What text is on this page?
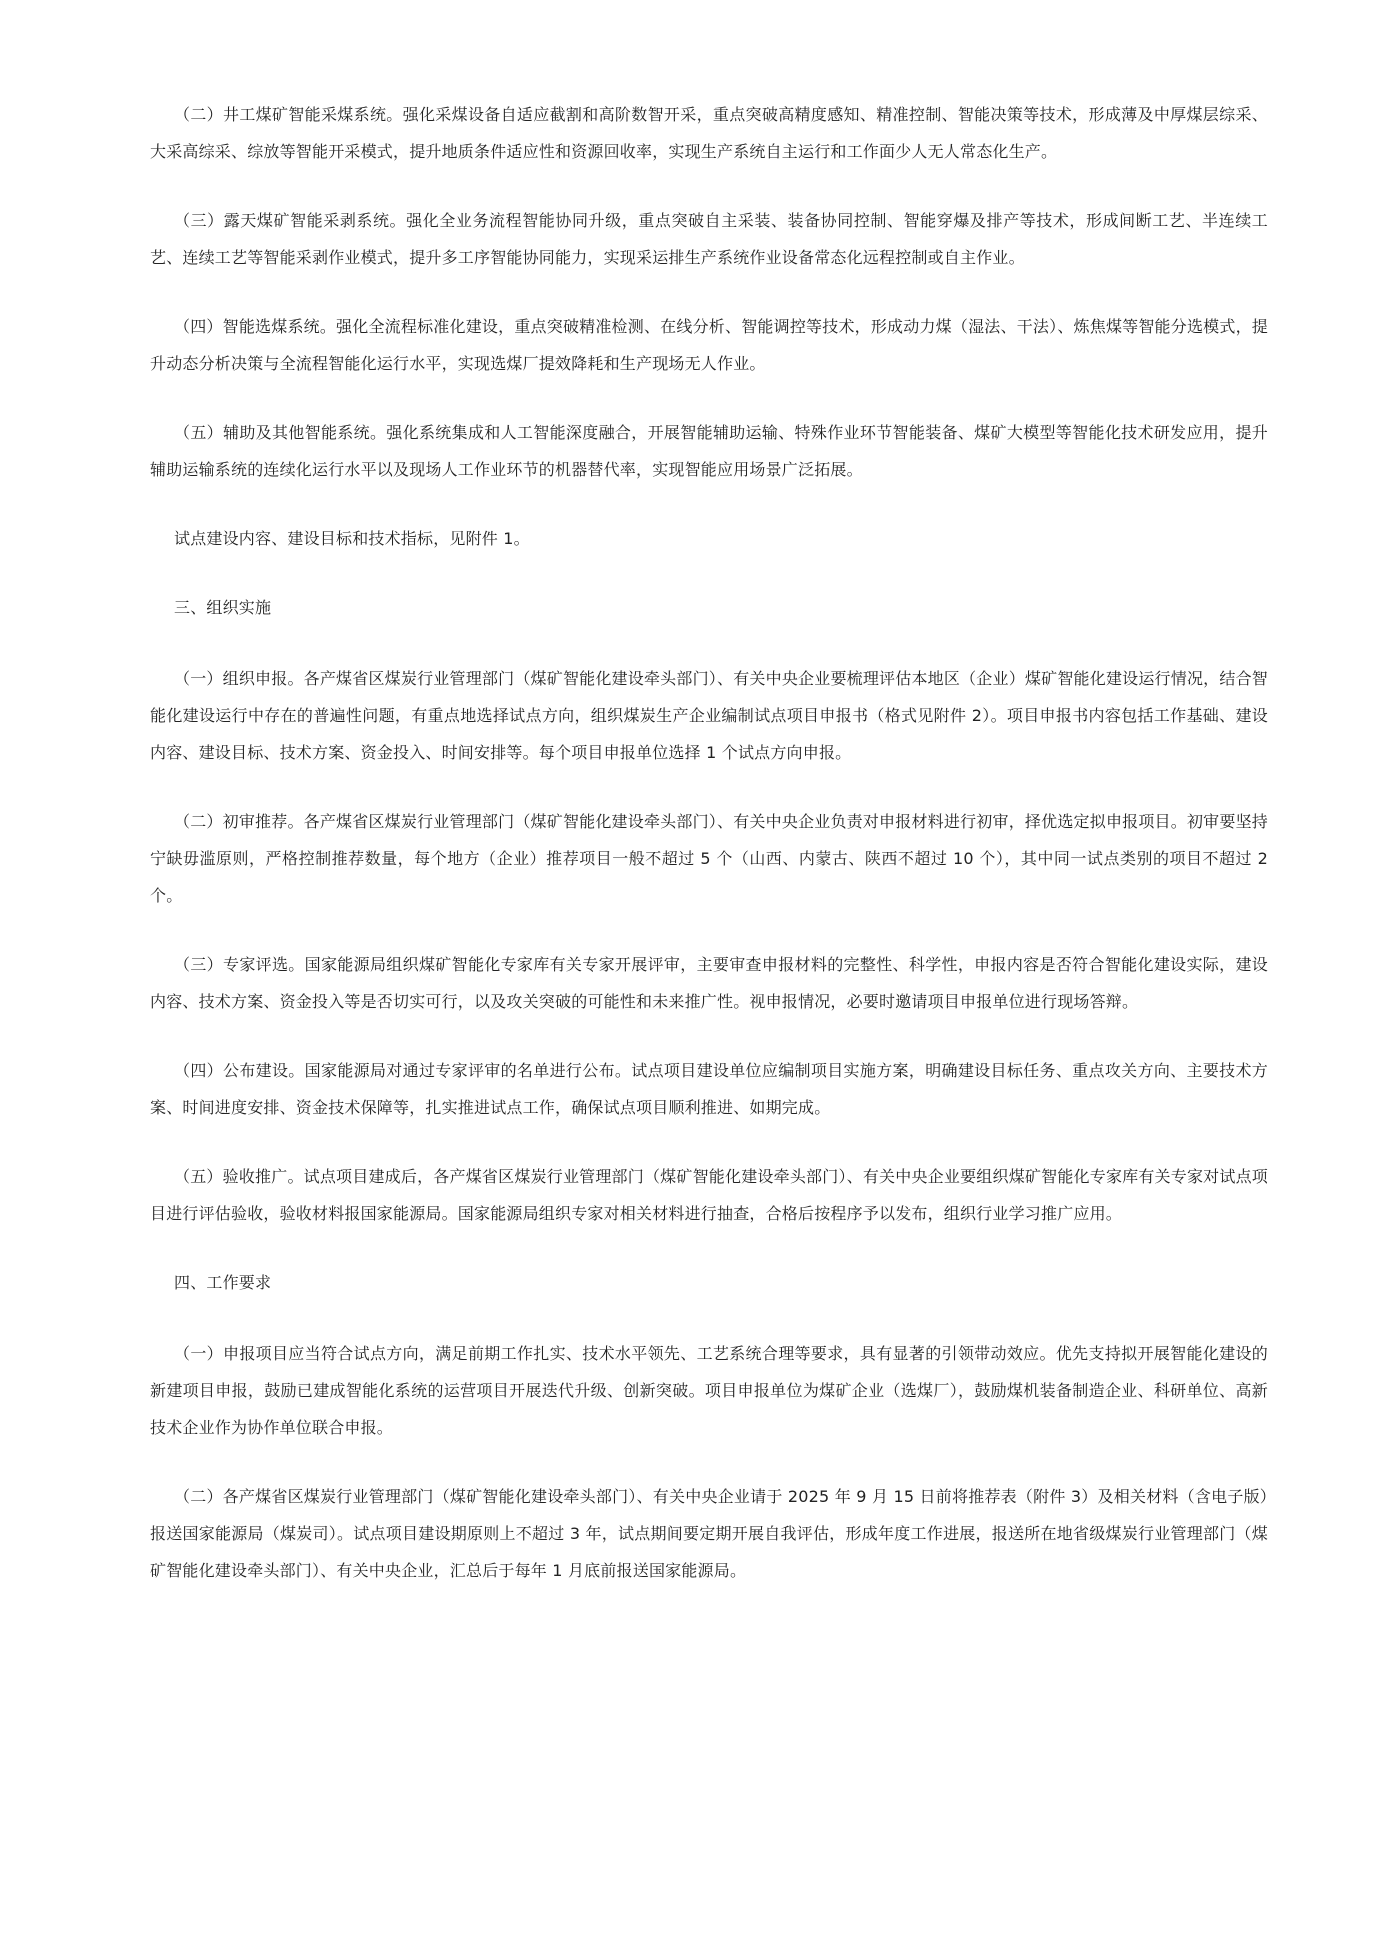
（二）井工煤矿智能采煤系统。强化采煤设备自适应截割和高阶数智开采，重点突破高精度感知、精准控制、智能决策等技术，形成薄及中厚煤层综采、大采高综采、综放等智能开采模式，提升地质条件适应性和资源回收率，实现生产系统自主运行和工作面少人无人常态化生产。

（三）露天煤矿智能采剥系统。强化全业务流程智能协同升级，重点突破自主采装、装备协同控制、智能穿爆及排产等技术，形成间断工艺、半连续工艺、连续工艺等智能采剥作业模式，提升多工序智能协同能力，实现采运排生产系统作业设备常态化远程控制或自主作业。

（四）智能选煤系统。强化全流程标准化建设，重点突破精准检测、在线分析、智能调控等技术，形成动力煤（湿法、干法）、炼焦煤等智能分选模式，提升动态分析决策与全流程智能化运行水平，实现选煤厂提效降耗和生产现场无人作业。

（五）辅助及其他智能系统。强化系统集成和人工智能深度融合，开展智能辅助运输、特殊作业环节智能装备、煤矿大模型等智能化技术研发应用，提升辅助运输系统的连续化运行水平以及现场人工作业环节的机器替代率，实现智能应用场景广泛拓展。

试点建设内容、建设目标和技术指标，见附件 1。

三、组织实施

（一）组织申报。各产煤省区煤炭行业管理部门（煤矿智能化建设牵头部门）、有关中央企业要梳理评估本地区（企业）煤矿智能化建设运行情况，结合智能化建设运行中存在的普遍性问题，有重点地选择试点方向，组织煤炭生产企业编制试点项目申报书（格式见附件 2）。项目申报书内容包括工作基础、建设内容、建设目标、技术方案、资金投入、时间安排等。每个项目申报单位选择 1 个试点方向申报。

（二）初审推荐。各产煤省区煤炭行业管理部门（煤矿智能化建设牵头部门）、有关中央企业负责对申报材料进行初审，择优选定拟申报项目。初审要坚持宁缺毋滥原则，严格控制推荐数量，每个地方（企业）推荐项目一般不超过 5 个（山西、内蒙古、陕西不超过 10 个），其中同一试点类别的项目不超过 2 个。

（三）专家评选。国家能源局组织煤矿智能化专家库有关专家开展评审，主要审查申报材料的完整性、科学性，申报内容是否符合智能化建设实际，建设内容、技术方案、资金投入等是否切实可行，以及攻关突破的可能性和未来推广性。视申报情况，必要时邀请项目申报单位进行现场答辩。

（四）公布建设。国家能源局对通过专家评审的名单进行公布。试点项目建设单位应编制项目实施方案，明确建设目标任务、重点攻关方向、主要技术方案、时间进度安排、资金技术保障等，扎实推进试点工作，确保试点项目顺利推进、如期完成。

（五）验收推广。试点项目建成后，各产煤省区煤炭行业管理部门（煤矿智能化建设牵头部门）、有关中央企业要组织煤矿智能化专家库有关专家对试点项目进行评估验收，验收材料报国家能源局。国家能源局组织专家对相关材料进行抽查，合格后按程序予以发布，组织行业学习推广应用。

四、工作要求

（一）申报项目应当符合试点方向，满足前期工作扎实、技术水平领先、工艺系统合理等要求，具有显著的引领带动效应。优先支持拟开展智能化建设的新建项目申报，鼓励已建成智能化系统的运营项目开展迭代升级、创新突破。项目申报单位为煤矿企业（选煤厂），鼓励煤机装备制造企业、科研单位、高新技术企业作为协作单位联合申报。

（二）各产煤省区煤炭行业管理部门（煤矿智能化建设牵头部门）、有关中央企业请于 2025 年 9 月 15 日前将推荐表（附件 3）及相关材料（含电子版）报送国家能源局（煤炭司）。试点项目建设期原则上不超过 3 年，试点期间要定期开展自我评估，形成年度工作进展，报送所在地省级煤炭行业管理部门（煤矿智能化建设牵头部门）、有关中央企业，汇总后于每年 1 月底前报送国家能源局。
